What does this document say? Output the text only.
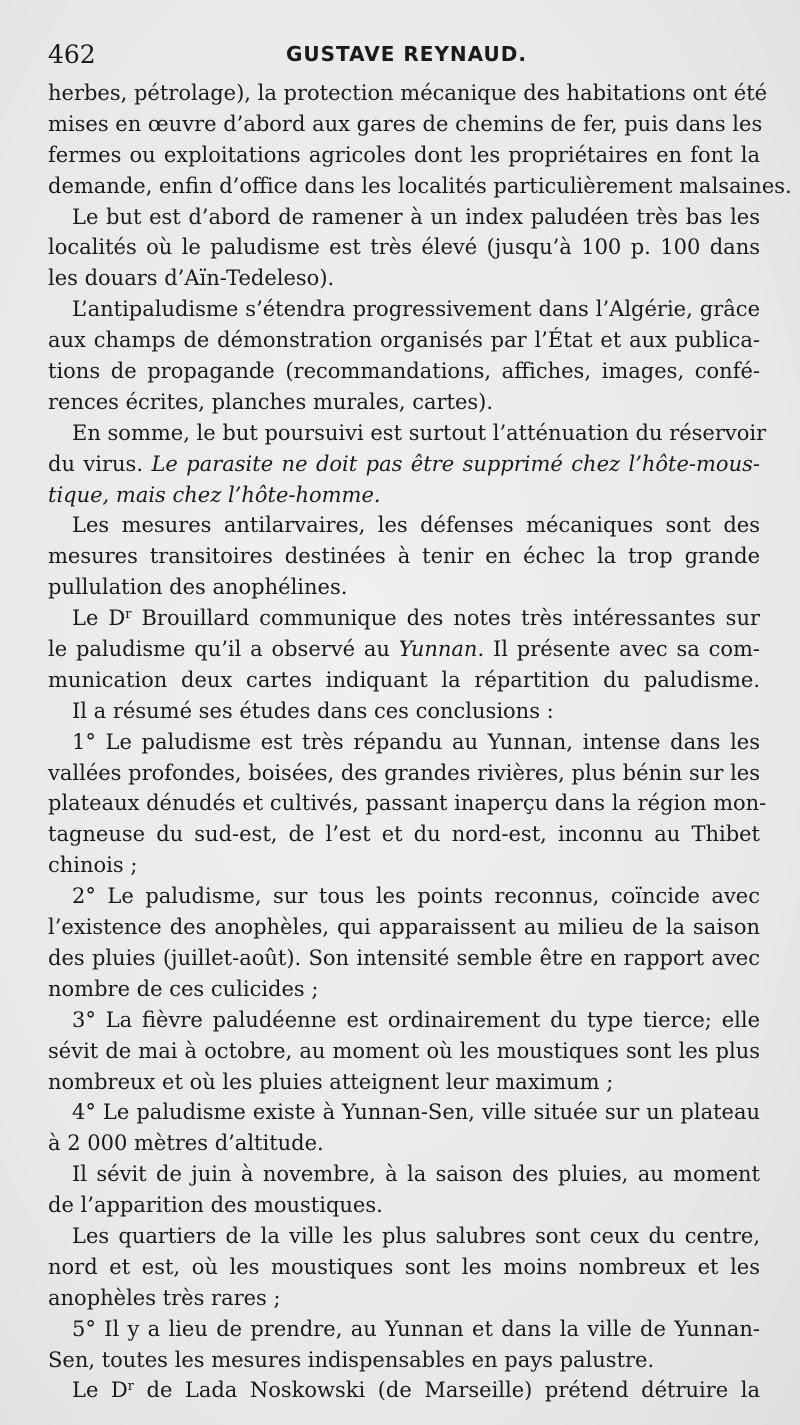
462	GUSTAVE REYNAUD.
herbes, pétrolage), la protection mécanique des habitations ont été
mises en œuvre d’abord aux gares de chemins de fer, puis dans les
fermes ou exploitations agricoles dont les propriétaires en font la
demande, enfin d’office dans les localités particulièrement malsaines.
Le but est d’abord de ramener à un index paludéen très bas les
localités où le paludisme est très élevé (jusqu’à 100 p. 100 dans
les douars d’Aïn-Tedeleso).
L’antipaludisme s’étendra progressivement dans l’Algérie, grâce
aux champs de démonstration organisés par l’État et aux publica-
tions de propagande (recommandations, affiches, images, confé-
rences écrites, planches murales, cartes).
En somme, le but poursuivi est surtout l’atténuation du réservoir
du virus. Le parasite ne doit pas être supprimé chez l’hôte-mous-
tique, mais chez l’hôte-homme.
Les mesures antilarvaires, les défenses mécaniques sont des
mesures transitoires destinées à tenir en échec la trop grande
pullulation des anophélines.
Le $D^r$ Brouillard communique des notes très intéressantes sur
le paludisme qu’il a observé au Yunnan. Il présente avec sa com-
munication deux cartes indiquant la répartition du paludisme.
Il a résumé ses études dans ces conclusions :
1° Le paludisme est très répandu au Yunnan, intense dans les
vallées profondes, boisées, des grandes rivières, plus bénin sur les
plateaux dénudés et cultivés, passant inaperçu dans la région mon-
tagneuse du sud-est, de l’est et du nord-est, inconnu au Thibet
chinois ;
2° Le paludisme, sur tous les points reconnus, coïncide avec
l’existence des anophèles, qui apparaissent au milieu de la saison
des pluies (juillet-août). Son intensité semble être en rapport avec
nombre de ces culicides ;
3° La fièvre paludéenne est ordinairement du type tierce; elle
sévit de mai à octobre, au moment où les moustiques sont les plus
nombreux et où les pluies atteignent leur maximum ;
4° Le paludisme existe à Yunnan-Sen, ville située sur un plateau
à 2 000 mètres d’altitude.
Il sévit de juin à novembre, à la saison des pluies, au moment
de l’apparition des moustiques.
Les quartiers de la ville les plus salubres sont ceux du centre,
nord et est, où les moustiques sont les moins nombreux et les
anophèles très rares ;
5° Il y a lieu de prendre, au Yunnan et dans la ville de Yunnan-
Sen, toutes les mesures indispensables en pays palustre.
Le $D^r$ de Lada Noskowski (de Marseille) prétend détruire la
